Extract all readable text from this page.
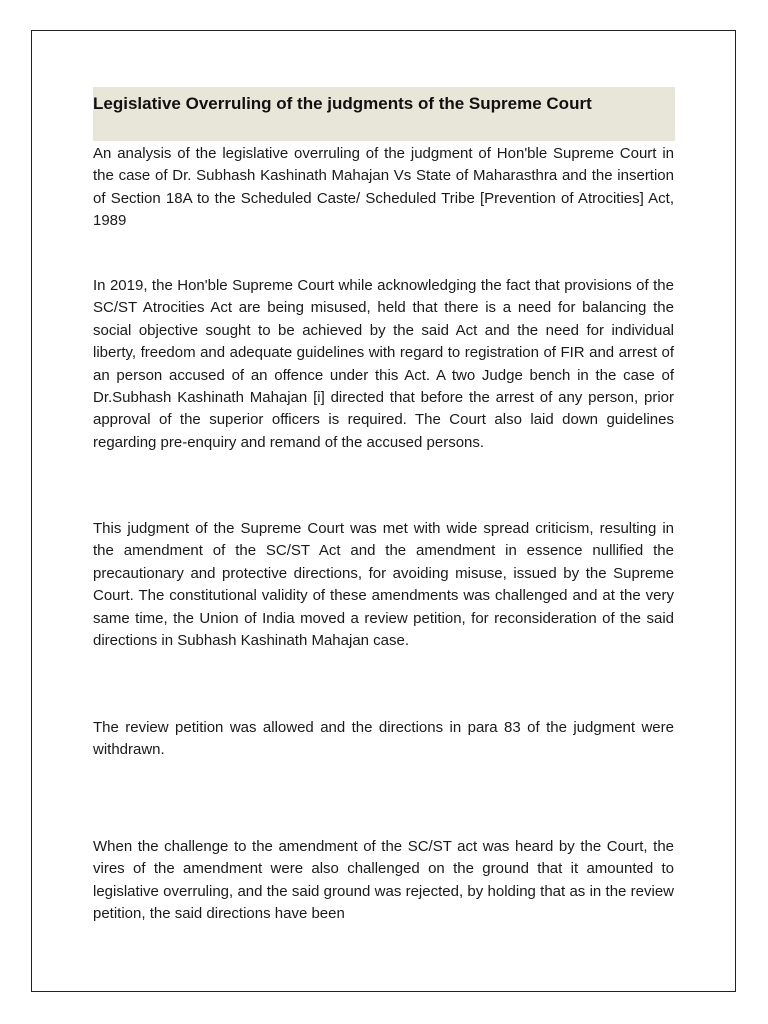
Legislative Overruling of the judgments of the Supreme Court

An analysis of the legislative overruling of the judgment of Hon'ble Supreme Court in the case of Dr. Subhash Kashinath Mahajan Vs State of Maharasthra and the insertion of Section 18A to the Scheduled Caste/ Scheduled Tribe [Prevention of Atrocities] Act, 1989

In 2019, the Hon'ble Supreme Court while acknowledging the fact that provisions of the SC/ST Atrocities Act are being misused, held that there is a need for balancing the social objective sought to be achieved by the said Act and the need for individual liberty, freedom and adequate guidelines with regard to registration of FIR and arrest of an person accused of an offence under this Act. A two Judge bench in the case of Dr.Subhash Kashinath Mahajan [i] directed that before the arrest of any person, prior approval of the superior officers is required. The Court also laid down guidelines regarding pre-enquiry and remand of the accused persons.

This judgment of the Supreme Court was met with wide spread criticism, resulting in the amendment of the SC/ST Act and the amendment in essence nullified the precautionary and protective directions, for avoiding misuse, issued by the Supreme Court. The constitutional validity of these amendments was challenged and at the very same time, the Union of India moved a review petition, for reconsideration of the said directions in Subhash Kashinath Mahajan case.

The review petition was allowed and the directions in para 83 of the judgment were withdrawn.

When the challenge to the amendment of the SC/ST act was heard by the Court, the vires of the amendment were also challenged on the ground that it amounted to legislative overruling, and the said ground was rejected, by holding that as in the review petition, the said directions have been
